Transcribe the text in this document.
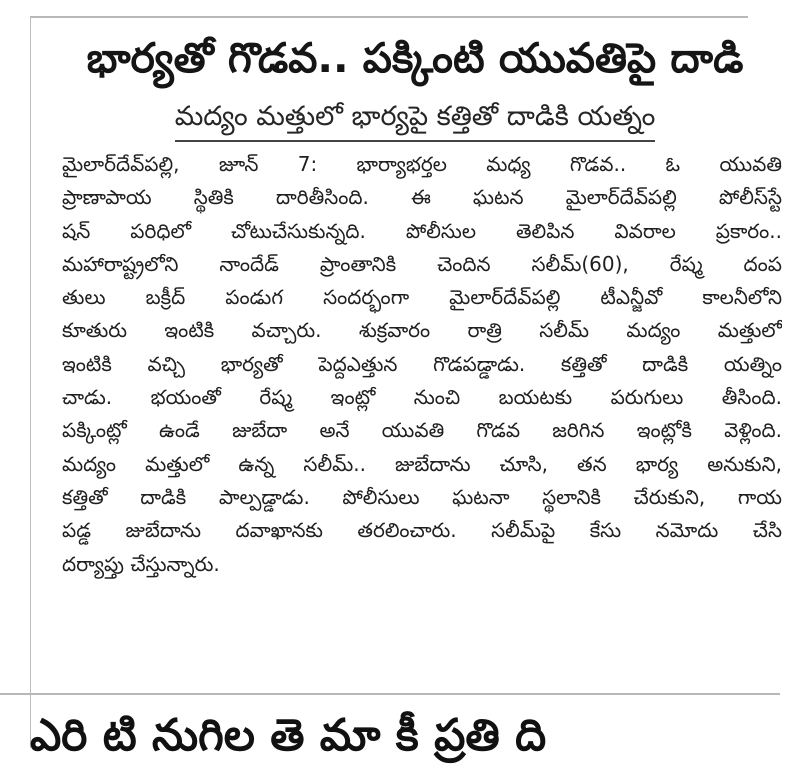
భార్యతో గొడవ.. పక్కింటి యువతిపై దాడి
మద్యం మత్తులో భార్యపై కత్తితో దాడికి యత్నం
మైలార్‌దేవ్‌పల్లి, జూన్ 7: భార్యాభర్తల మధ్య గొడవ.. ఓ యువతి
ప్రాణాపాయ స్థితికి దారితీసింది. ఈ ఘటన మైలార్‌దేవ్‌పల్లి పోలీస్‌స్టే
షన్ పరిధిలో చోటుచేసుకున్నది. పోలీసుల తెలిపిన వివరాల ప్రకారం..
మహారాష్ట్రలోని నాందేడ్ ప్రాంతానికి చెందిన సలీమ్(60), రేష్మ దంప
తులు బక్రీద్ పండుగ సందర్భంగా మైలార్‌దేవ్‌పల్లి టీఎన్జీవో కాలనీలోని
కూతురు ఇంటికి వచ్చారు. శుక్రవారం రాత్రి సలీమ్ మద్యం మత్తులో
ఇంటికి వచ్చి భార్యతో పెద్దఎత్తున గొడపడ్డాడు. కత్తితో దాడికి యత్నిం
చాడు. భయంతో రేష్మ ఇంట్లో నుంచి బయటకు పరుగులు తీసింది.
పక్కింట్లో ఉండే జుబేదా అనే యువతి గొడవ జరిగిన ఇంట్లోకి వెళ్లింది.
మద్యం మత్తులో ఉన్న సలీమ్.. జుబేదాను చూసి, తన భార్య అనుకుని,
కత్తితో దాడికి పాల్పడ్డాడు. పోలీసులు ఘటనా స్థలానికి చేరుకుని, గాయ
పడ్డ జుబేదాను దవాఖానకు తరలించారు. సలీమ్‌పై కేసు నమోదు చేసి
దర్యాప్తు చేస్తున్నారు.
ఎరి టి నుగిల తె మా కీ ప్రతి ది
